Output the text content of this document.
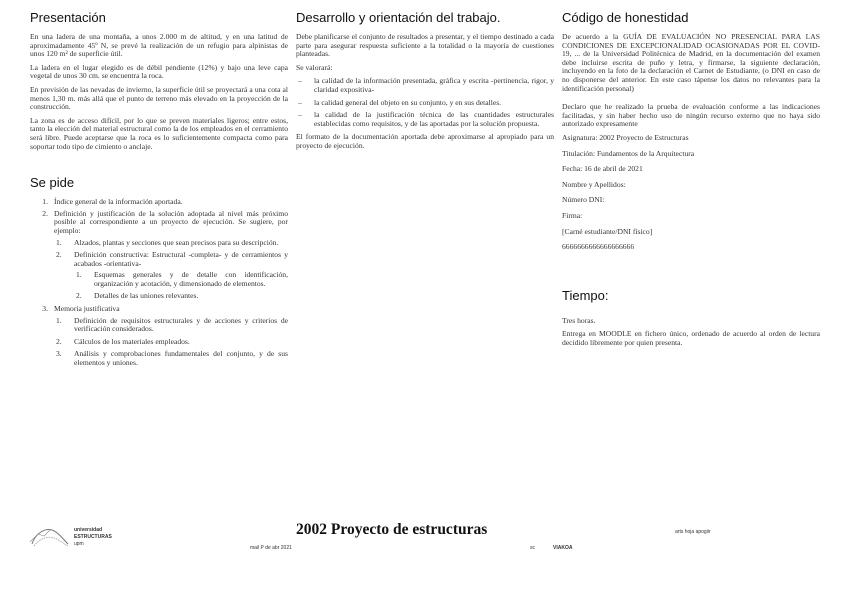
Presentación

En una ladera de una montaña, a unos 2.000 m de altitud, y en una latitud de aproximadamente 45º N, se prevé la realización de un refugio para alpinistas de unos 120 m² de superficie útil.

La ladera en el lugar elegido es de débil pendiente (12%) y bajo una leve capa vegetal de unos 30 cm. se encuentra la roca.

En previsión de las nevadas de invierno, la superficie útil se proyectará a una cota al menos 1,30 m. más allá que el punto de terreno más elevado en la proyección de la construcción.

La zona es de acceso difícil, por lo que se preven materiales ligeros; entre estos, tanto la elección del material estructural como la de los empleados en el cerramiento será libre. Puede aceptarse que la roca es lo suficientemente compacta como para soportar todo tipo de cimiento o anclaje.

Se pide
1. Índice general de la información aportada.
2. Definición y justificación de la solución adoptada al nivel más próximo posible al correspondiente a un proyecto de ejecución. Se sugiere, por ejemplo:
1. Alzados, plantas y secciones que sean precisos para su descripción.
2. Definición constructiva: Estructural -completa- y de cerramientos y acabados -orientativa-
1. Esquemas generales y de detalle con identificación, organización y acotación, y dimensionado de elementos.
2. Detalles de las uniones relevantes.
3. Memoria justificativa
1. Definición de requisitos estructurales y de acciones y criterios de verificación considerados.
2. Cálculos de los materiales empleados.
3. Análisis y comprobaciones fundamentales del conjunto, y de sus elementos y uniones.
Desarrollo y orientación del trabajo.

Debe planificarse el conjunto de resultados a presentar, y el tiempo destinado a cada parte para asegurar respuesta suficiente a la totalidad o la mayoría de cuestiones planteadas.

Se valorará:

– la calidad de la información presentada, gráfica y escrita -pertinencia, rigor, y claridad expositiva-
– la calidad general del objeto en su conjunto, y en sus detalles.
– la calidad de la justificación técnica de las cuantidades estructurales establecidas como requisitos, y de las aportadas por la solución propuesta.

El formato de la documentación aportada debe aproximarse al apropiado para un proyecto de ejecución.

Código de honestidad

De acuerdo a la GUÍA DE EVALUACIÓN NO PRESENCIAL PARA LAS CONDICIONES DE EXCEPCIONALIDAD OCASIONADAS POR EL COVID-19, ... de la Universidad Politécnica de Madrid, en la documentación del examen debe incluirse escrita de puño y letra, y firmarse, la siguiente declaración, incluyendo en la foto de la declaración el Carnet de Estudiante, (o DNI en caso de no disponerse del anterior. En este caso tápense los datos no relevantes para la identificación personal)

Declaro que he realizado la prueba de evaluación conforme a las indicaciones facilitadas, y sin haber hecho uso de ningún recurso externo que no haya sido autorizado expresamente

Asignatura: 2002 Proyecto de Estructuras
Titulación: Fundamentos de la Arquitectura
Fecha: 16 de abril de 2021
Nombre y Apellidos:
Número DNI:
Firma:
[Carné estudiante/DNI físico]
6666666666666666666
Tiempo:

Tres horas.

Entrega en MOODLE en fichero único, ordenado de acuerdo al orden de lectura decidido libremente por quien presenta.

universidad
ESTRUCTURAS
upm
2002 Proyecto de estructuras
mail P de abr 2021	sc	VIAKOA
arts hoja apogiir
